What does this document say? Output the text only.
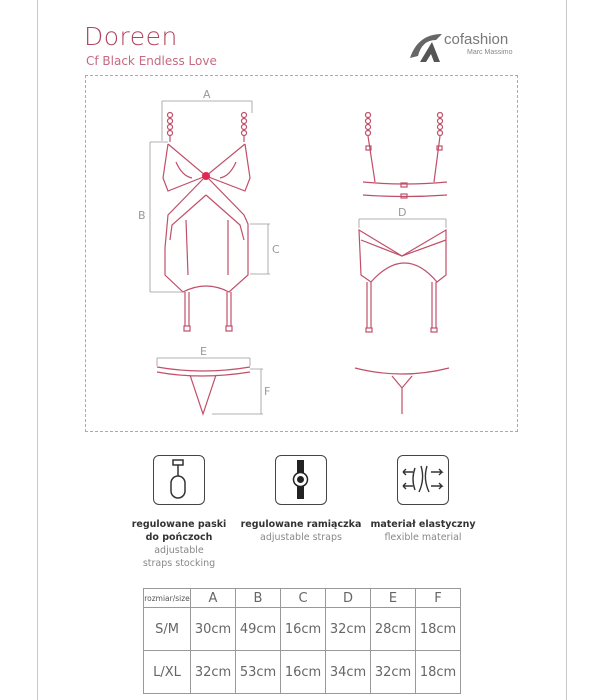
Doreen
Cf Black Endless Love
cofashion
Marc Massimo
A
B
C
D
E
F
regulowane paski
do pończoch
adjustable
straps stocking
regulowane ramiączka
adjustable straps
materiał elastyczny
flexible material
rozmiar/size	A	B	C	D	E	F
S/M	30cm	49cm	16cm	32cm	28cm	18cm
L/XL	32cm	53cm	16cm	34cm	32cm	18cm
